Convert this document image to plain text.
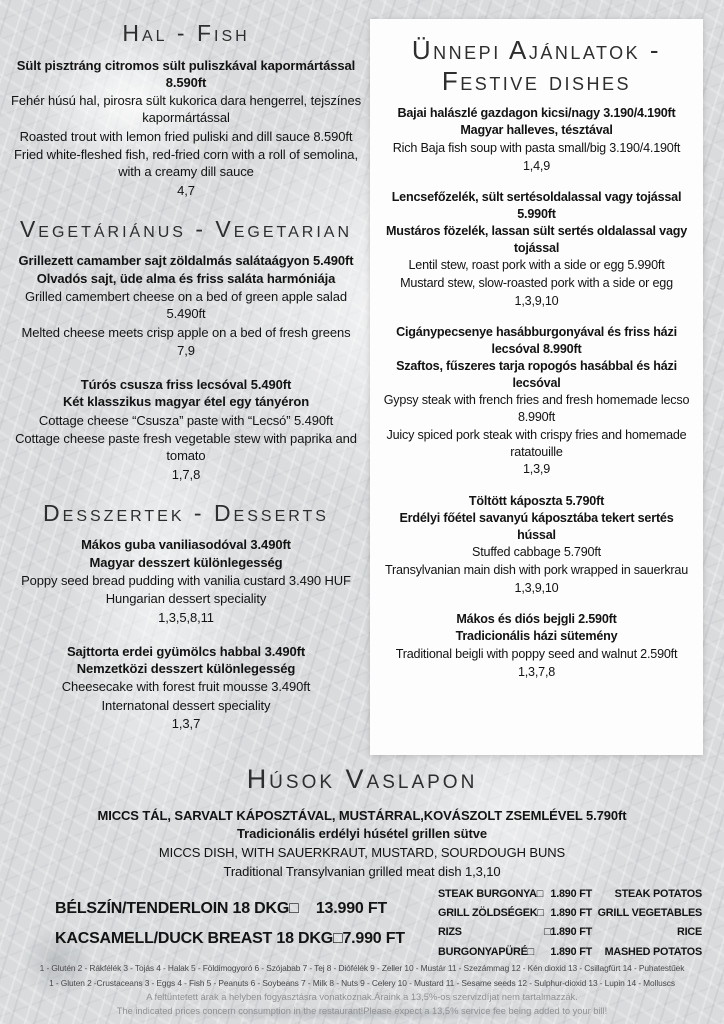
Hal - Fish

Sült pisztráng citromos sült puliszkával kapormártással 8.590ft

Fehér húsú hal, pirosra sült kukorica dara hengerrel, tejszínes kapormártással

Roasted trout with lemon fried puliski and dill sauce 8.590ft

Fried white-fleshed fish, red-fried corn with a roll of semolina, with a creamy dill sauce

4,7

Vegetáriánus - Vegetarian

Grillezett camamber sajt zöldalmás salátaágyon 5.490ft

Olvadós sajt, üde alma és friss saláta harmóniája

Grilled camembert cheese on a bed of green apple salad 5.490ft

Melted cheese meets crisp apple on a bed of fresh greens

7,9

Túrós csusza friss lecsóval 5.490ft

Két klasszikus magyar étel egy tányéron

Cottage cheese “Csusza” paste with “Lecsó” 5.490ft

Cottage cheese paste fresh vegetable stew with paprika and tomato

1,7,8

Desszertek - Desserts

Mákos guba vaniliasodóval 3.490ft

Magyar desszert különlegesség

Poppy seed bread pudding with vanilia custard 3.490 HUF

Hungarian dessert speciality

1,3,5,8,11

Sajttorta erdei gyümölcs habbal 3.490ft

Nemzetközi desszert különlegesség

Cheesecake with forest fruit mousse 3.490ft

Internatonal dessert speciality

1,3,7

Ünnepi Ajánlatok -
Festive dishes

Bajai halászlé gazdagon kicsi/nagy 3.190/4.190ft

Magyar halleves, tésztával

Rich Baja fish soup with pasta small/big 3.190/4.190ft

1,4,9

Lencsefőzelék, sült sertésoldalassal vagy tojással 5.990ft

Mustáros fözelék, lassan sült sertés oldalassal vagy tojással

Lentil stew, roast pork with a side or egg 5.990ft

Mustard stew, slow-roasted pork with a side or egg

1,3,9,10

Cigánypecsenye hasábburgonyával és friss házi lecsóval 8.990ft

Szaftos, fűszeres tarja ropogós hasábbal és házi lecsóval

Gypsy steak with french fries and fresh homemade lecso 8.990ft

Juicy spiced pork steak with crispy fries and homemade ratatouille

1,3,9

Töltött káposzta 5.790ft

Erdélyi főétel savanyú káposztába tekert sertés hússal

Stuffed cabbage 5.790ft

Transylvanian main dish with pork wrapped in sauerkrau

1,3,9,10

Mákos és diós bejgli 2.590ft

Tradicionális házi sütemény

Traditional beigli with poppy seed and walnut 2.590ft

1,3,7,8

Húsok Vaslapon

MICCS TÁL, SARVALT KÁPOSZTÁVAL, MUSTÁRRAL,KOVÁSZOLT ZSEMLÉVEL 5.790ft

Tradicionális erdélyi húsétel grillen sütve

MICCS DISH, WITH SAUERKRAUT, MUSTARD, SOURDOUGH BUNS

Traditional Transylvanian grilled meat dish 1,3,10

BÉLSZÍN/TENDERLOIN 18 DKG□ 13.990 FT
KACSAMELL/DUCK BREAST 18 DKG □7.990 FT
STEAK BURGONYA□ 1.890 FT
GRILL ZÖLDSÉGEK□ 1.890 FT
RIZS	□1.890 FT
BURGONYAPÜRÉ□ 1.890 FT
STEAK POTATOS
GRILL VEGETABLES
RICE
MASHED POTATOS

1 - Glutén 2 - Rákfélék 3 - Tojás 4 - Halak 5 - Földimogyoró 6 - Szójabab 7 - Tej 8 - Diófélék 9 - Zeller 10 - Mustár 11 - Szezámmag 12 - Kén dioxid 13 - Csillagfürt 14 - Puhatestűek

1 - Gluten 2 -Crustaceans 3 - Eggs 4 - Fish 5 - Peanuts 6 - Soybeans 7 - Milk 8 - Nuts 9 - Celery 10 - Mustard 11 - Sesame seeds 12 - Sulphur-dioxid 13 - Lupin 14 - Molluscs

A feltüntetett árak a helyben fogyasztásra vonatkoznak.Áraink a 13,5%-os szervizdíjat nem tartalmazzák.

The indicated prices concern consumption in the restaurant!Please expect a 13,5% service fee being added to your bill!
